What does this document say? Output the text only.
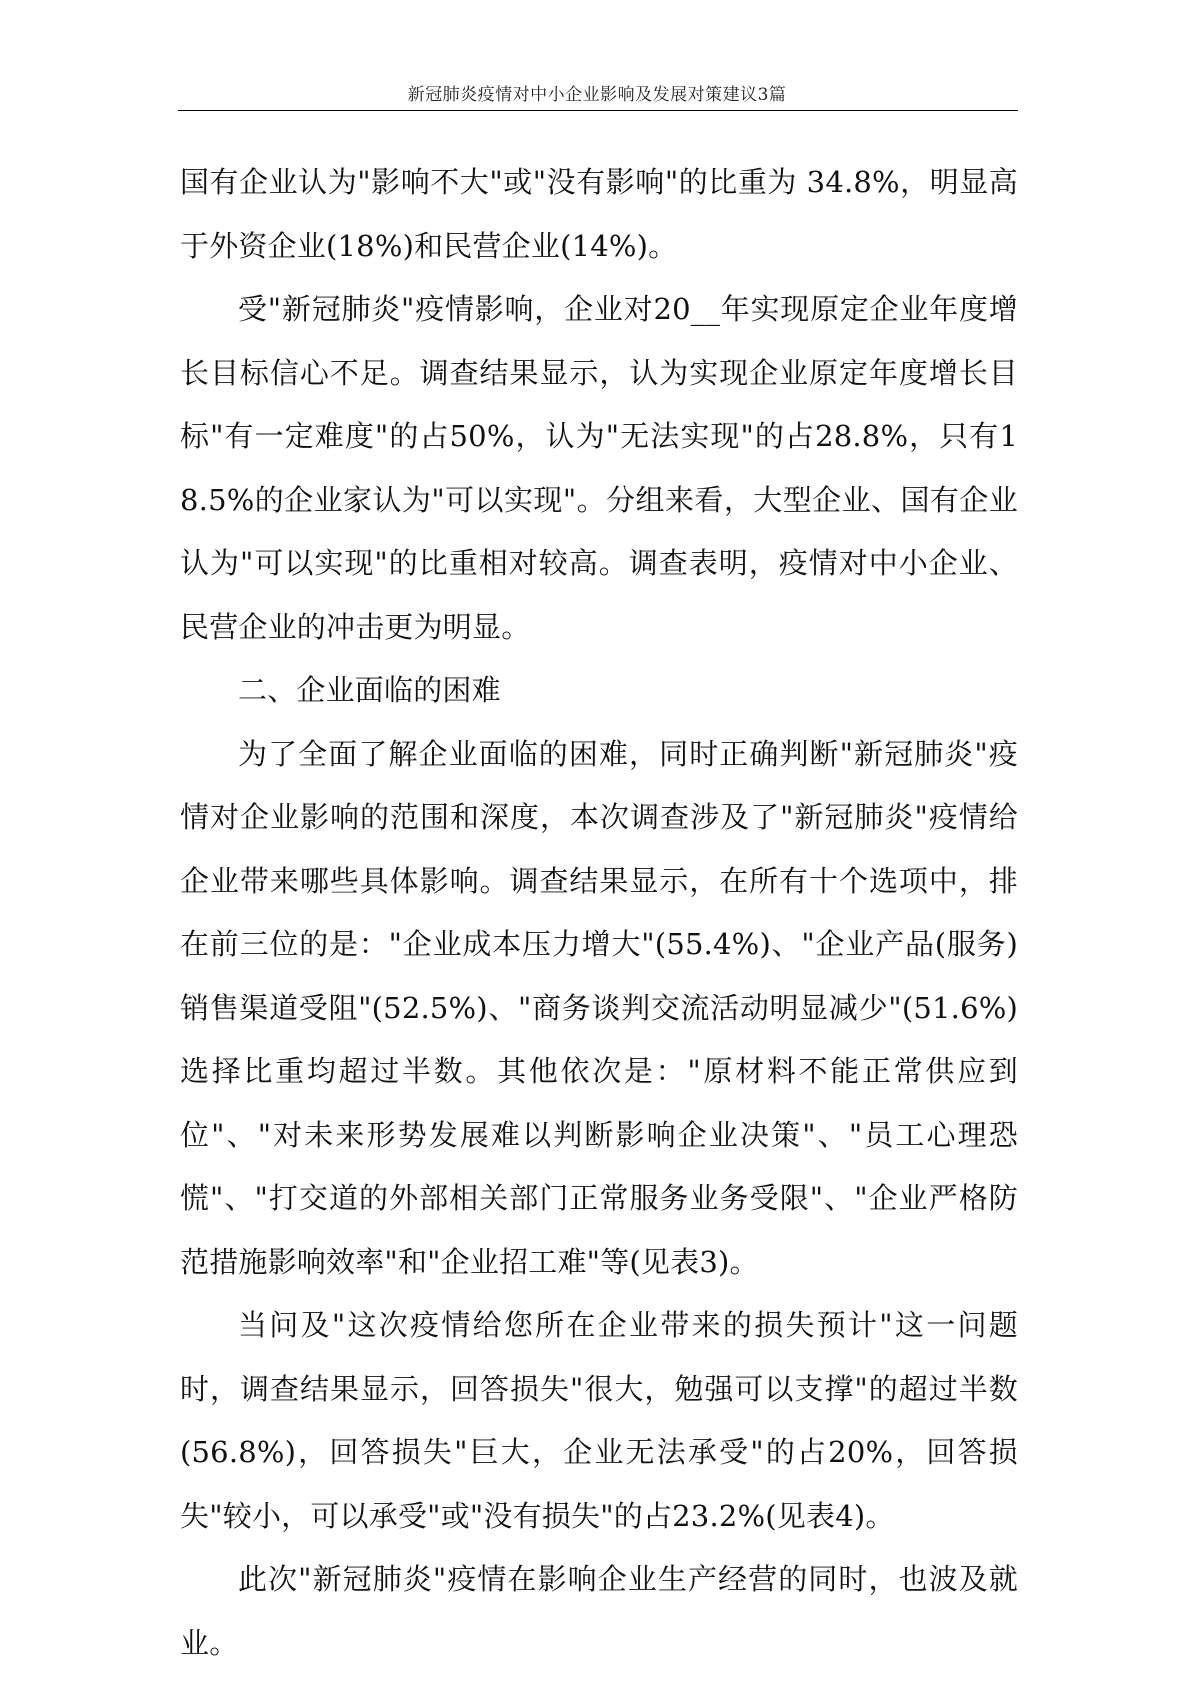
新冠肺炎疫情对中小企业影响及发展对策建议3篇

国有企业认为"影响不大"或"没有影响"的比重为 34.8%，明显高于外资企业(18%)和民营企业(14%)。

受"新冠肺炎"疫情影响，企业对20__年实现原定企业年度增长目标信心不足。调查结果显示，认为实现企业原定年度增长目标"有一定难度"的占50%，认为"无法实现"的占28.8%，只有18.5%的企业家认为"可以实现"。分组来看，大型企业、国有企业认为"可以实现"的比重相对较高。调查表明，疫情对中小企业、民营企业的冲击更为明显。

二、企业面临的困难

为了全面了解企业面临的困难，同时正确判断"新冠肺炎"疫情对企业影响的范围和深度，本次调查涉及了"新冠肺炎"疫情给企业带来哪些具体影响。调查结果显示，在所有十个选项中，排在前三位的是："企业成本压力增大"(55.4%)、"企业产品(服务)销售渠道受阻"(52.5%)、"商务谈判交流活动明显减少"(51.6%) 选择比重均超过半数。其他依次是："原材料不能正常供应到位"、"对未来形势发展难以判断影响企业决策"、"员工心理恐慌"、"打交道的外部相关部门正常服务业务受限"、"企业严格防范措施影响效率"和"企业招工难"等(见表3)。

当问及"这次疫情给您所在企业带来的损失预计"这一问题时，调查结果显示，回答损失"很大，勉强可以支撑"的超过半数(56.8%)，回答损失"巨大，企业无法承受"的占20%，回答损失"较小，可以承受"或"没有损失"的占23.2%(见表4)。

此次"新冠肺炎"疫情在影响企业生产经营的同时，也波及就业。
